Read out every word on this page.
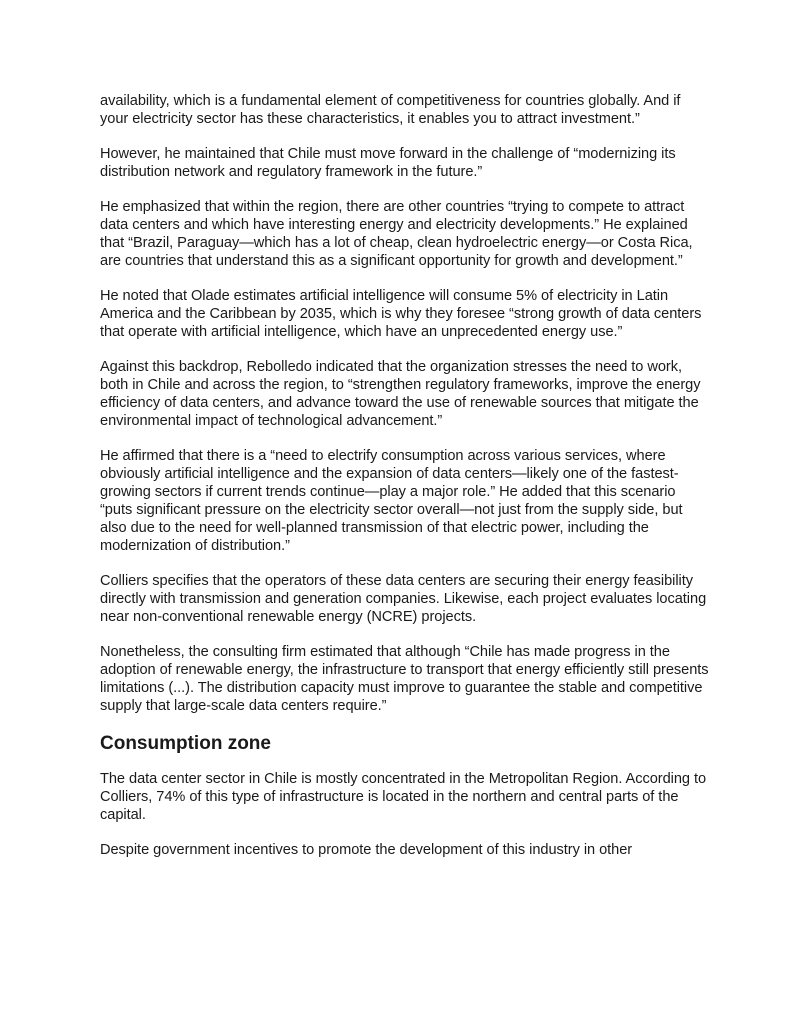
availability, which is a fundamental element of competitiveness for countries globally. And if your electricity sector has these characteristics, it enables you to attract investment.”

However, he maintained that Chile must move forward in the challenge of “modernizing its distribution network and regulatory framework in the future.”

He emphasized that within the region, there are other countries “trying to compete to attract data centers and which have interesting energy and electricity developments.” He explained that “Brazil, Paraguay—which has a lot of cheap, clean hydroelectric energy—or Costa Rica, are countries that understand this as a significant opportunity for growth and development.”

He noted that Olade estimates artificial intelligence will consume 5% of electricity in Latin America and the Caribbean by 2035, which is why they foresee “strong growth of data centers that operate with artificial intelligence, which have an unprecedented energy use.”

Against this backdrop, Rebolledo indicated that the organization stresses the need to work, both in Chile and across the region, to “strengthen regulatory frameworks, improve the energy efficiency of data centers, and advance toward the use of renewable sources that mitigate the environmental impact of technological advancement.”

He affirmed that there is a “need to electrify consumption across various services, where obviously artificial intelligence and the expansion of data centers—likely one of the fastest-growing sectors if current trends continue—play a major role.” He added that this scenario “puts significant pressure on the electricity sector overall—not just from the supply side, but also due to the need for well-planned transmission of that electric power, including the modernization of distribution.”

Colliers specifies that the operators of these data centers are securing their energy feasibility directly with transmission and generation companies. Likewise, each project evaluates locating near non-conventional renewable energy (NCRE) projects.

Nonetheless, the consulting firm estimated that although “Chile has made progress in the adoption of renewable energy, the infrastructure to transport that energy efficiently still presents limitations (...). The distribution capacity must improve to guarantee the stable and competitive supply that large-scale data centers require.”

Consumption zone

The data center sector in Chile is mostly concentrated in the Metropolitan Region. According to Colliers, 74% of this type of infrastructure is located in the northern and central parts of the capital.

Despite government incentives to promote the development of this industry in other
